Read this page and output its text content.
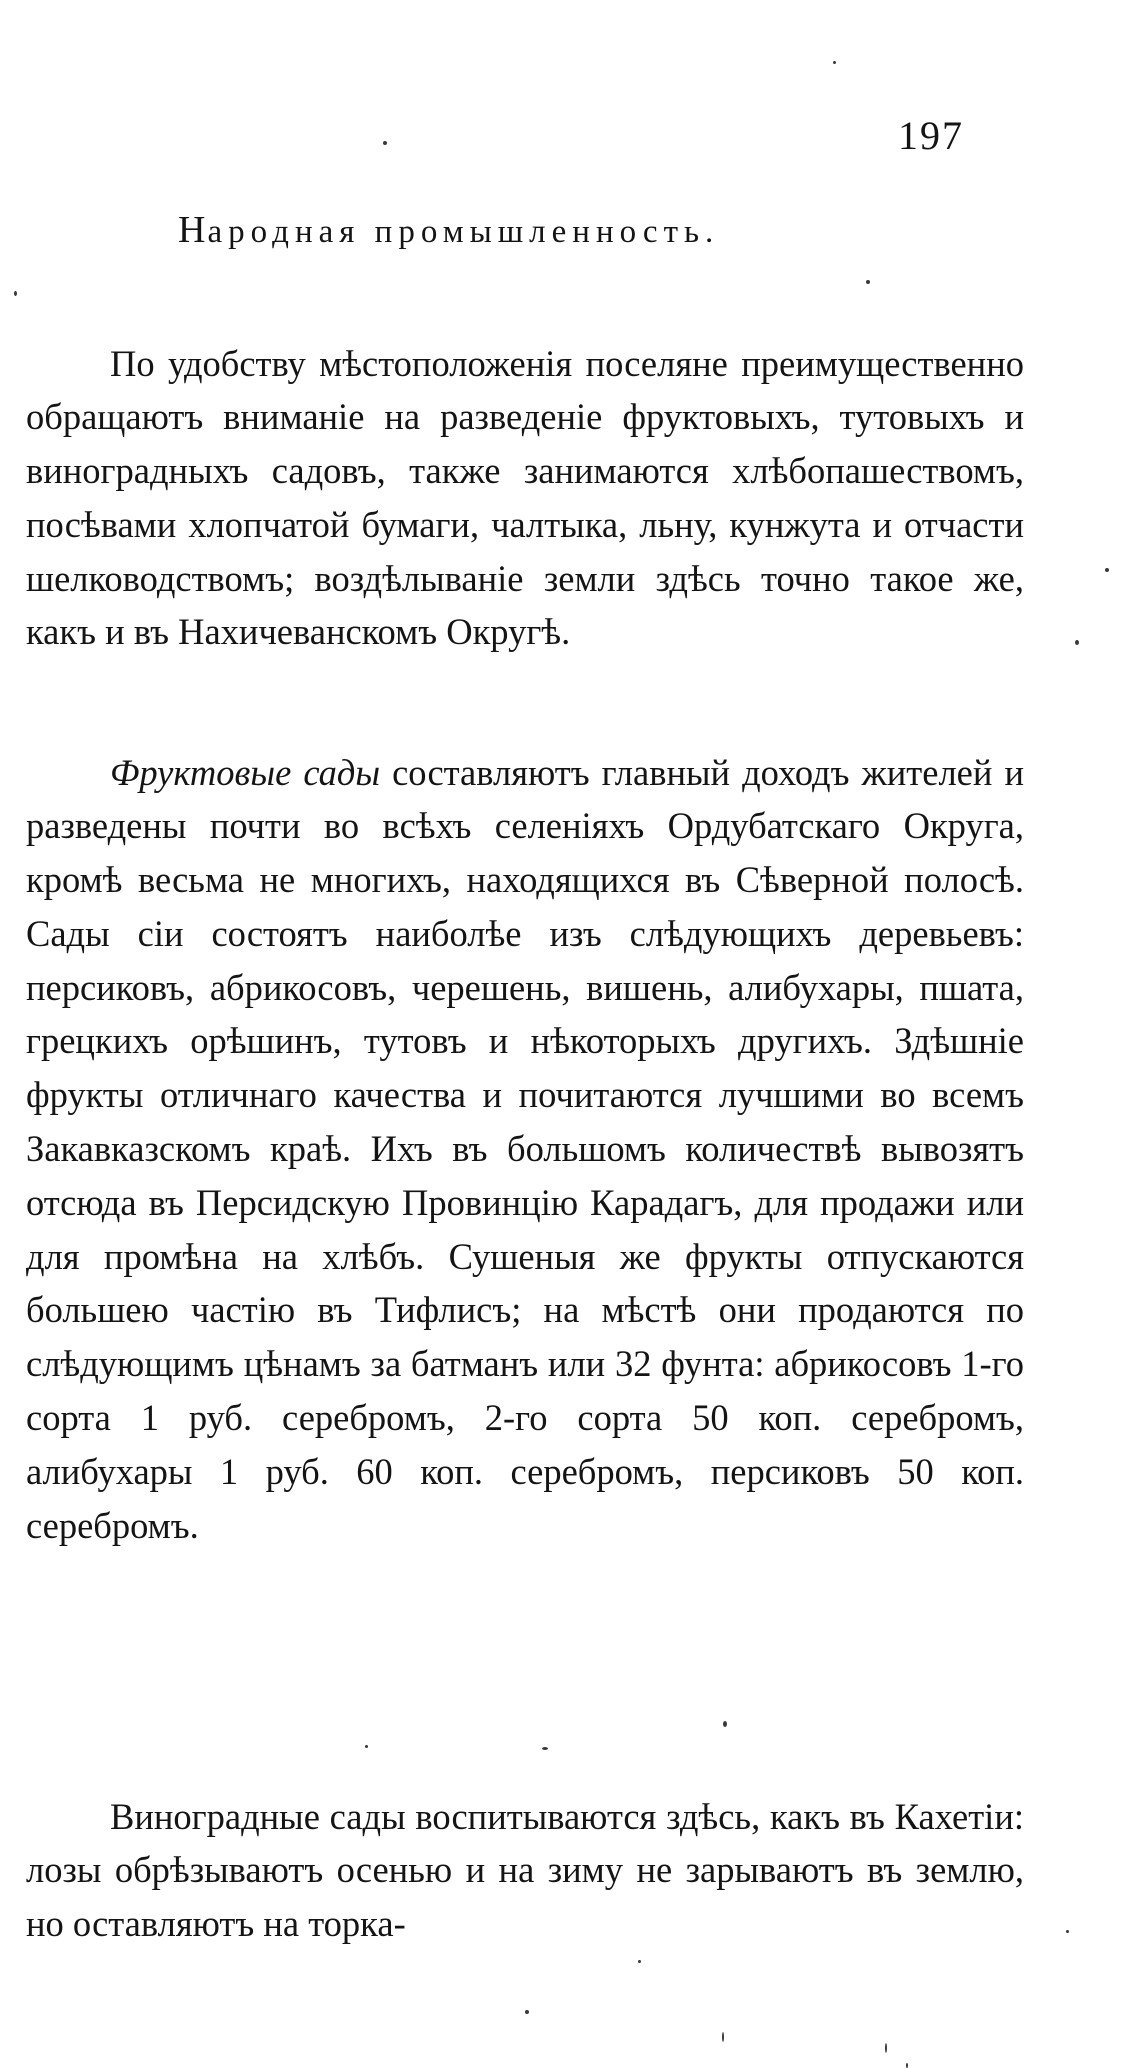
197
Народная промышленность.

По удобству мѣстоположенія поселяне преимущественно обращаютъ вниманіе на разведеніе фруктовыхъ, тутовыхъ и виноградныхъ садовъ, также занимаются хлѣбопашествомъ, посѣвами хлопчатой бумаги, чалтыка, льну, кунжута и отчасти шелководствомъ; воздѣлываніе земли здѣсь точно такое же, какъ и въ Нахичеванскомъ Округѣ.

Фруктовые сады составляютъ главный доходъ жителей и разведены почти во всѣхъ селеніяхъ Ордубатскаго Округа, кромѣ весьма не многихъ, находящихся въ Сѣверной полосѣ. Сады сіи состоятъ наиболѣе изъ слѣдующихъ деревьевъ: персиковъ, абрикосовъ, черешень, вишень, алибухары, пшата, грецкихъ орѣшинъ, тутовъ и нѣкоторыхъ другихъ. Здѣшніе фрукты отличнаго качества и почитаются лучшими во всемъ Закавказскомъ краѣ. Ихъ въ большомъ количествѣ вывозятъ отсюда въ Персидскую Провинцію Карадагъ, для продажи или для промѣна на хлѣбъ. Сушеныя же фрукты отпускаются большею частію въ Тифлисъ; на мѣстѣ они продаются по слѣдующимъ цѣнамъ за батманъ или 32 фунта: абрикосовъ 1-го сорта 1 руб. серебромъ, 2-го сорта 50 коп. серебромъ, алибухары 1 руб. 60 коп. серебромъ, персиковъ 50 коп. серебромъ.

Виноградные сады воспитываются здѣсь, какъ въ Кахетіи: лозы обрѣзываютъ осенью и на зиму не зарываютъ въ землю, но оставляютъ на торка-
